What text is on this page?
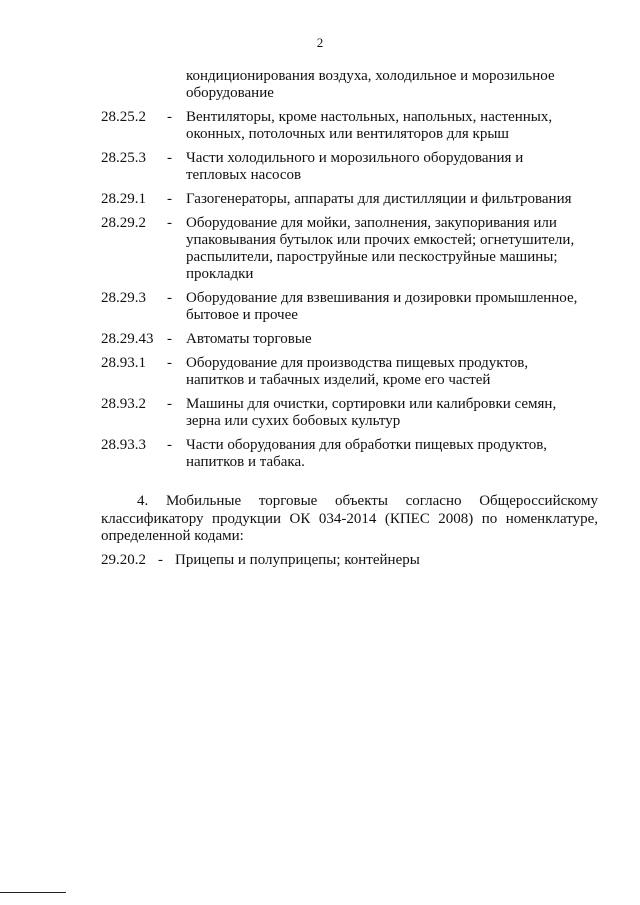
2
кондиционирования воздуха, холодильное и морозильное
оборудование
28.25.2 - Вентиляторы, кроме настольных, напольных, настенных,
оконных, потолочных или вентиляторов для крыш
28.25.3 - Части холодильного и морозильного оборудования и
тепловых насосов
28.29.1 - Газогенераторы, аппараты для дистилляции и фильтрования
28.29.2 - Оборудование для мойки, заполнения, закупоривания или
упаковывания бутылок или прочих емкостей; огнетушители,
распылители, пароструйные или пескоструйные машины;
прокладки
28.29.3 - Оборудование для взвешивания и дозировки промышленное,
бытовое и прочее
28.29.43 - Автоматы торговые
28.93.1 - Оборудование для производства пищевых продуктов,
напитков и табачных изделий, кроме его частей
28.93.2 - Машины для очистки, сортировки или калибровки семян,
зерна или сухих бобовых культур
28.93.3 - Части оборудования для обработки пищевых продуктов,
напитков и табака.

4. Мобильные торговые объекты согласно Общероссийскому классификатору продукции ОК 034-2014 (КПЕС 2008) по номенклатуре, определенной кодами:

29.20.2 - Прицепы и полуприцепы; контейнеры
